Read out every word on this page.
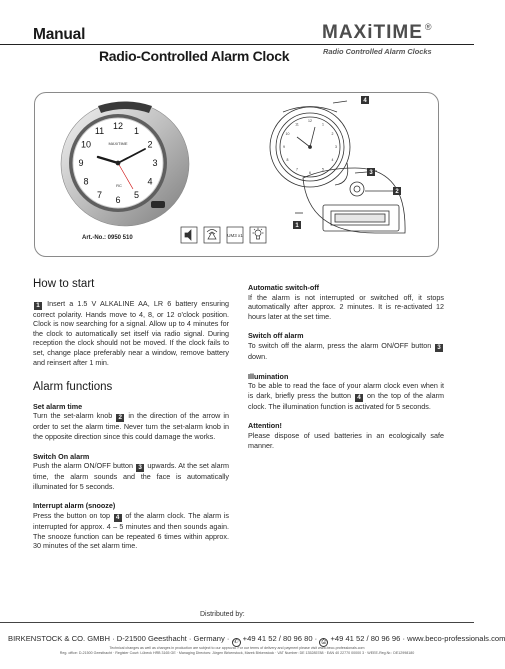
Manual
Radio-Controlled Alarm Clock
MAXiTIME ®
Radio Controlled Alarm Clocks
12 1
2
3
4
5
6
7
8
9
10
11
MAXiTIME
RC
Art.-No.: 0950 510	UM3 x1
12
1
2
3
4
5
6
7
8
9
10
11
4
3
2
1
How to start
1 Insert a 1.5 V ALKALINE AA, LR 6 battery ensuring correct polarity. Hands move to 4, 8, or 12 o'clock position. Clock is now searching for a signal. Allow up to 4 minutes for the clock to automatically set itself via radio signal. During reception the clock should not be moved. If the clock fails to set, change place preferably near a window, remove battery and reinsert after 1 min.
Alarm functions
Set alarm time
Turn the set-alarm knob 2 in the direction of the arrow in order to set the alarm time. Never turn the set-alarm knob in the opposite direction since this could damage the works.
Switch On alarm
Push the alarm ON/OFF button 3 upwards. At the set alarm time, the alarm sounds and the face is automatically illuminated for 5 seconds.
Interrupt alarm (snooze)
Press the button on top 4 of the alarm clock. The alarm is interrupted for approx. 4 – 5 minutes and then sounds again. The snooze function can be repeated 6 times within approx. 30 minutes of the set alarm time.
Automatic switch-off
If the alarm is not interrupted or switched off, it stops automatically after approx. 2 minutes. It is re-activated 12 hours later at the set time.
Switch off alarm
To switch off the alarm, press the alarm ON/OFF button 3 down.
Illumination
To be able to read the face of your alarm clock even when it is dark, briefly press the button 4 on the top of the alarm clock. The illumination function is activated for 5 seconds.
Attention!
Please dispose of used batteries in an ecologically safe manner.
Distributed by:
BIRKENSTOCK & CO. GMBH · D-21500 Geesthacht · Germany · ✆ +49 41 52 / 80 96 80 · ⎙ +49 41 52 / 80 96 96 · www.beco-professionals.com
Technical changes as well as changes in production are subject to our approval. For our terms of delivery and payment please visit www.beco-professionals.com
Reg. office: D-21500 Geesthacht · Register Court: Lübeck HRB 3165 GE · Managing Directors: Jürgen Birkenstock, Marek Birkenstock · VAT Number: DE 135285788 · EAN 40 22770 00000 3 · WEEE-Reg.Nr.: DE12998180
